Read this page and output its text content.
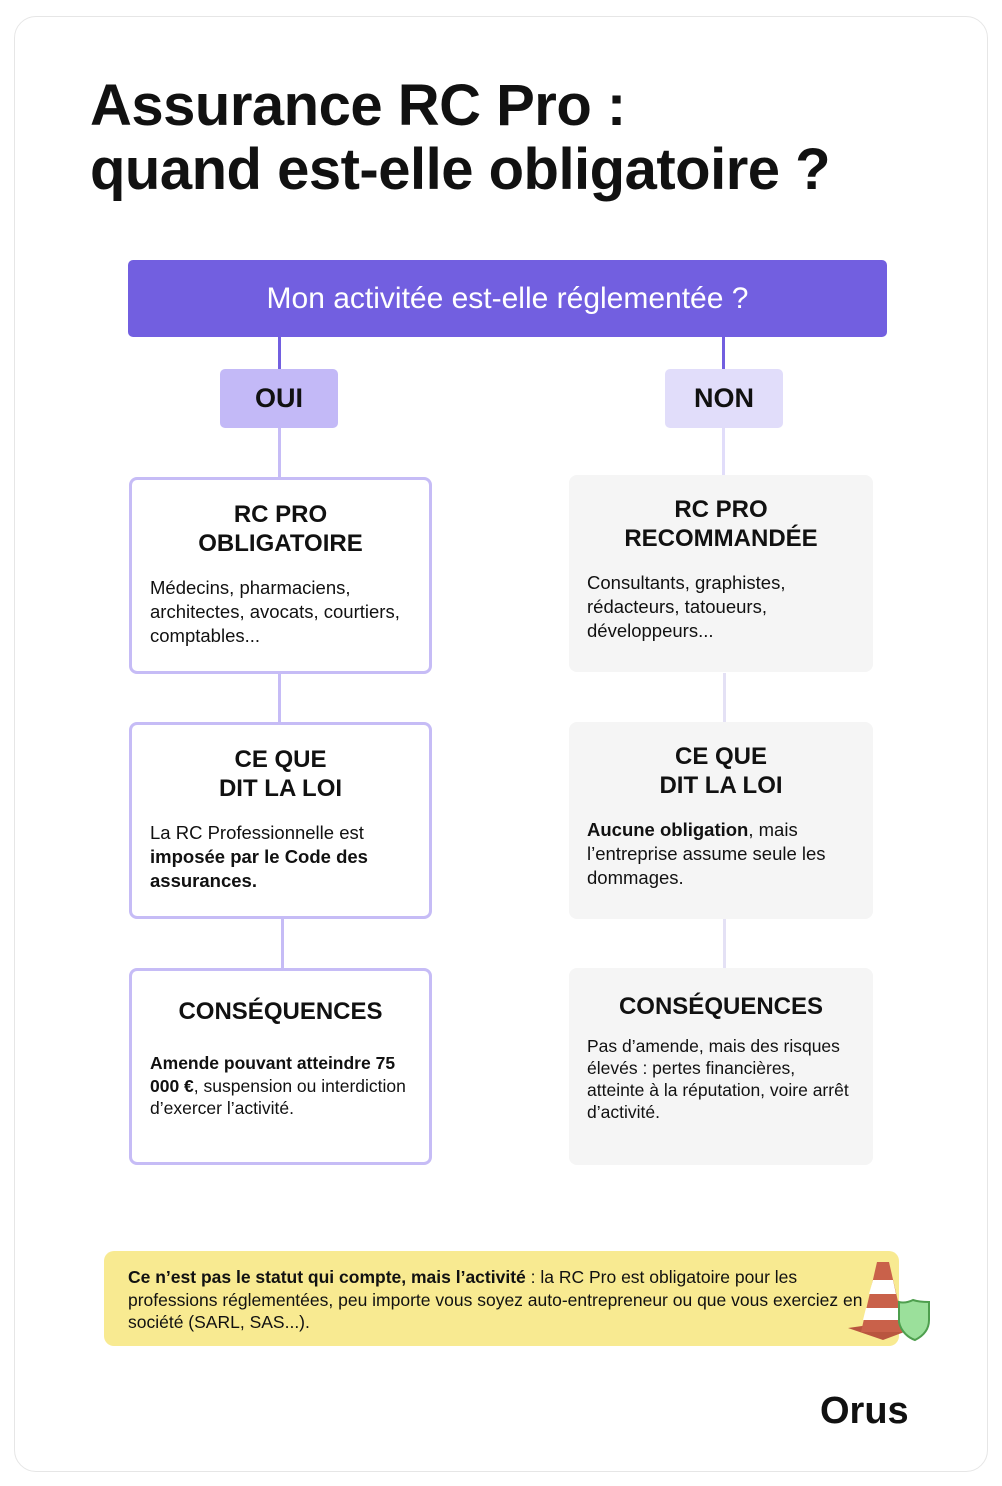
Assurance RC Pro :
quand est-elle obligatoire ?
Mon activitée est-elle réglementée ?
OUI	NON
RC PRO
OBLIGATOIRE

Médecins, pharmaciens, architectes, avocats, courtiers, comptables...

CE QUE
DIT LA LOI

La RC Professionnelle est imposée par le Code des assurances.

CONSÉQUENCES

Amende pouvant atteindre 75 000 €, suspension ou interdiction d’exercer l’activité.

RC PRO
RECOMMANDÉE

Consultants, graphistes, rédacteurs, tatoueurs, développeurs...

CE QUE
DIT LA LOI

Aucune obligation, mais l’entreprise assume seule les dommages.

CONSÉQUENCES

Pas d’amende, mais des risques élevés : pertes financières, atteinte à la réputation, voire arrêt d’activité.

Ce n’est pas le statut qui compte, mais l’activité : la RC Pro est obligatoire pour les professions réglementées, peu importe vous soyez auto-entrepreneur ou que vous exerciez en société (SARL, SAS...).
Orus
